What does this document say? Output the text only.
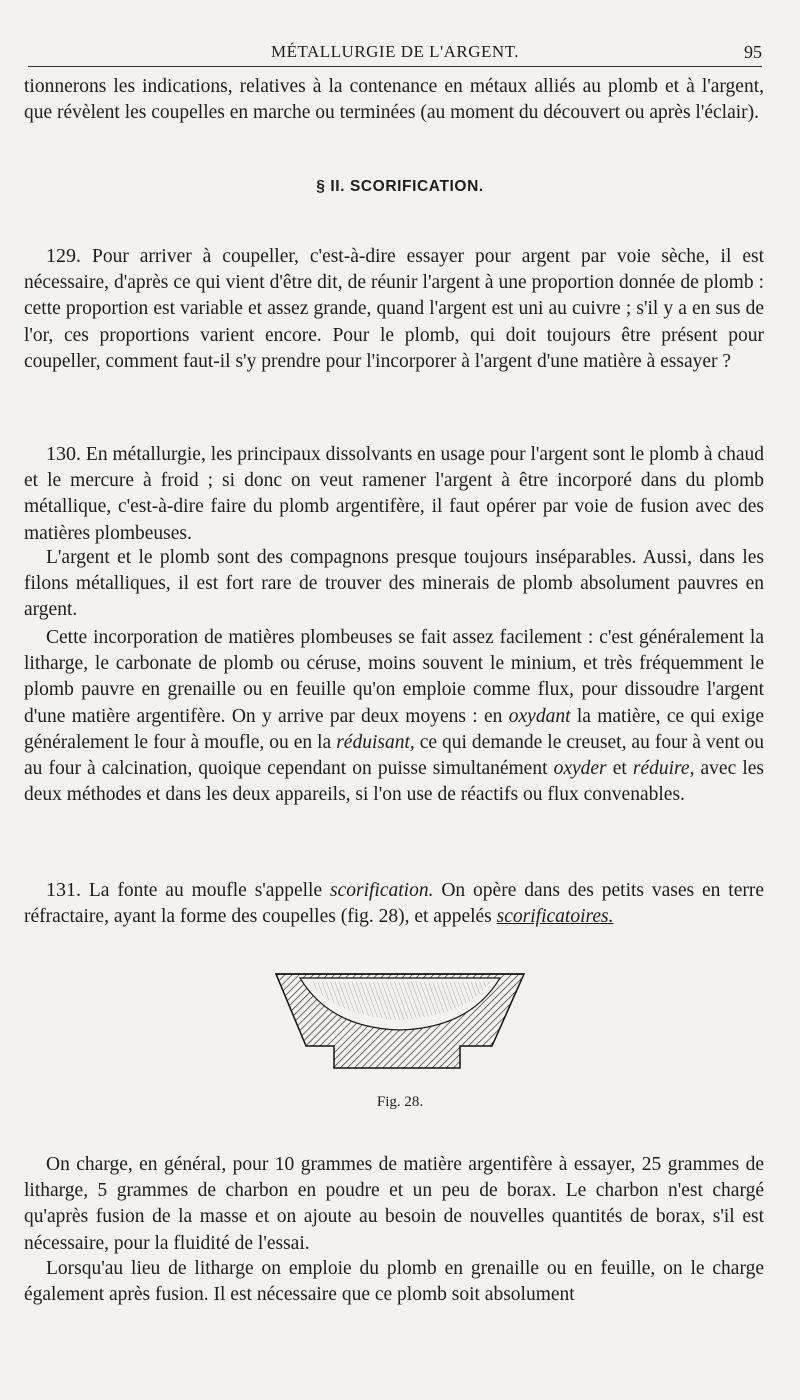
MÉTALLURGIE DE L'ARGENT.	95

tionnerons les indications, relatives à la contenance en métaux alliés au plomb et à l'argent, que révèlent les coupelles en marche ou terminées (au moment du découvert ou après l'éclair).

§ II. SCORIFICATION.

129. Pour arriver à coupeller, c'est-à-dire essayer pour argent par voie sèche, il est nécessaire, d'après ce qui vient d'être dit, de réunir l'argent à une proportion donnée de plomb : cette proportion est variable et assez grande, quand l'argent est uni au cuivre ; s'il y a en sus de l'or, ces proportions varient encore. Pour le plomb, qui doit toujours être présent pour coupeller, comment faut-il s'y prendre pour l'incorporer à l'argent d'une matière à essayer ?

130. En métallurgie, les principaux dissolvants en usage pour l'argent sont le plomb à chaud et le mercure à froid ; si donc on veut ramener l'argent à être incorporé dans du plomb métallique, c'est-à-dire faire du plomb argentifère, il faut opérer par voie de fusion avec des matières plombeuses.

L'argent et le plomb sont des compagnons presque toujours inséparables. Aussi, dans les filons métalliques, il est fort rare de trouver des minerais de plomb absolument pauvres en argent.

Cette incorporation de matières plombeuses se fait assez facilement : c'est généralement la litharge, le carbonate de plomb ou céruse, moins souvent le minium, et très fréquemment le plomb pauvre en grenaille ou en feuille qu'on emploie comme flux, pour dissoudre l'argent d'une matière argentifère. On y arrive par deux moyens : en oxydant la matière, ce qui exige généralement le four à moufle, ou en la réduisant, ce qui demande le creuset, au four à vent ou au four à calcination, quoique cependant on puisse simultanément oxyder et réduire, avec les deux méthodes et dans les deux appareils, si l'on use de réactifs ou flux convenables.

131. La fonte au moufle s'appelle scorification. On opère dans des petits vases en terre réfractaire, ayant la forme des coupelles (fig. 28), et appelés scorificatoires.

Fig. 28.

On charge, en général, pour 10 grammes de matière argentifère à essayer, 25 grammes de litharge, 5 grammes de charbon en poudre et un peu de borax. Le charbon n'est chargé qu'après fusion de la masse et on ajoute au besoin de nouvelles quantités de borax, s'il est nécessaire, pour la fluidité de l'essai.

Lorsqu'au lieu de litharge on emploie du plomb en grenaille ou en feuille, on le charge également après fusion. Il est nécessaire que ce plomb soit absolument
